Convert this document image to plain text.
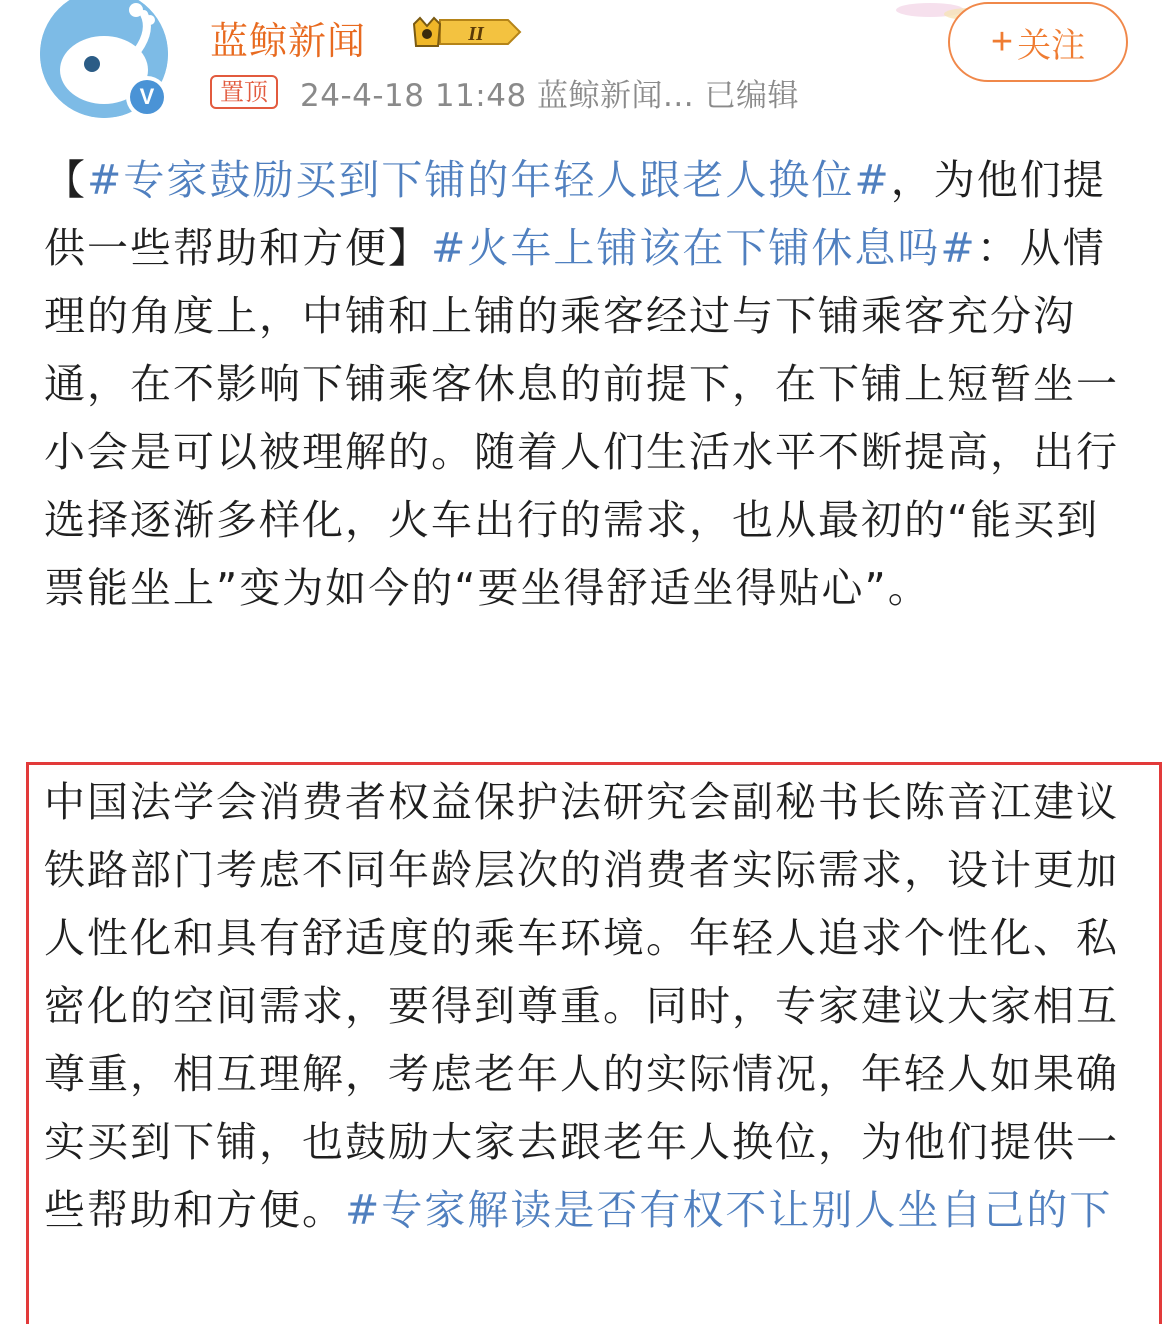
V
蓝鲸新闻	II
置顶	24-4-18 11:48 蓝鲸新闻... 已编辑
+ 关注
【#专家鼓励买到下铺的年轻人跟老人换位#，为他们提供一些帮助和方便】#火车上铺该在下铺休息吗#：从情理的角度上，中铺和上铺的乘客经过与下铺乘客充分沟通，在不影响下铺乘客休息的前提下，在下铺上短暂坐一小会是可以被理解的。随着人们生活水平不断提高，出行选择逐渐多样化，火车出行的需求，也从最初的“能买到票能坐上”变为如今的“要坐得舒适坐得贴心”。
中国法学会消费者权益保护法研究会副秘书长陈音江建议铁路部门考虑不同年龄层次的消费者实际需求，设计更加人性化和具有舒适度的乘车环境。年轻人追求个性化、私密化的空间需求，要得到尊重。同时，专家建议大家相互尊重，相互理解，考虑老年人的实际情况，年轻人如果确实买到下铺，也鼓励大家去跟老年人换位，为他们提供一些帮助和方便。#专家解读是否有权不让别人坐自己的下
